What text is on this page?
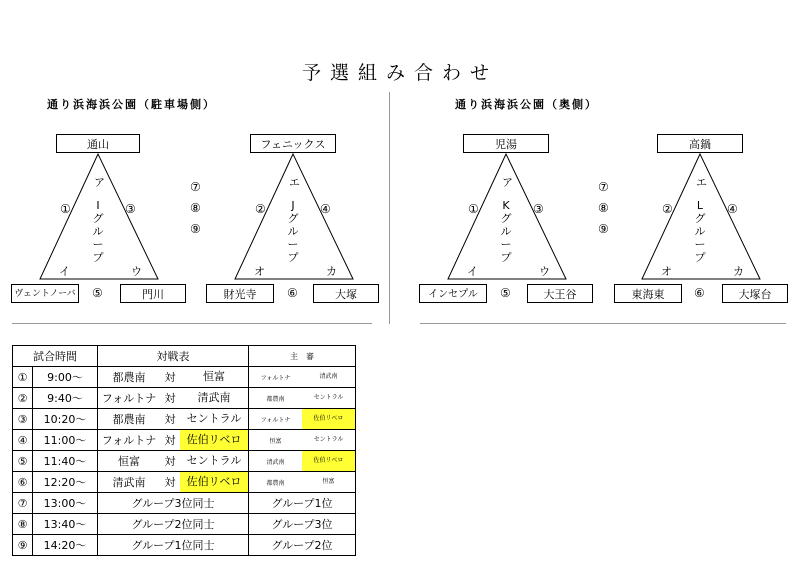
予選組み合わせ
通り浜海浜公園（駐車場側）	通り浜海浜公園（奥側）
通山
ア
I
グ
ル
ー
プ
①	③
イ	ウ
ヴェントノーバ ⑤	門川
⑦
⑧
⑨
フェニックス
エ
J
グ
ル
ー
プ
②	④
オ	カ
財光寺	⑥	大塚
児湯
ア
K
グ
ル
ー
プ
①	③
イ	ウ
インセプル	⑤	大王谷
⑦
⑧
⑨
高鍋
エ
L
グ
ル
ー
プ
②	④
オ	カ
東海東	⑥	大塚台
試合時間		対戦表	主　審
①	9:00～	都農南 対 恒富	フォルトナ 清武南

②	9:40～	フォルトナ 対 清武南	都農南 セントラル

③	10:20～	都農南 対 セントラル	フォルトナ 佐伯リベロ

④	11:00～	フォルトナ 対 佐伯リベロ	恒富 セントラル

⑤	11:40～	恒富 対 セントラル	清武南 佐伯リベロ

⑥	12:20～	清武南 対 佐伯リベロ	都農南 恒富

⑦	13:00～	グループ3位同士	グループ1位
⑧	13:40～	グループ2位同士	グループ3位
⑨	14:20～	グループ1位同士	グループ2位
